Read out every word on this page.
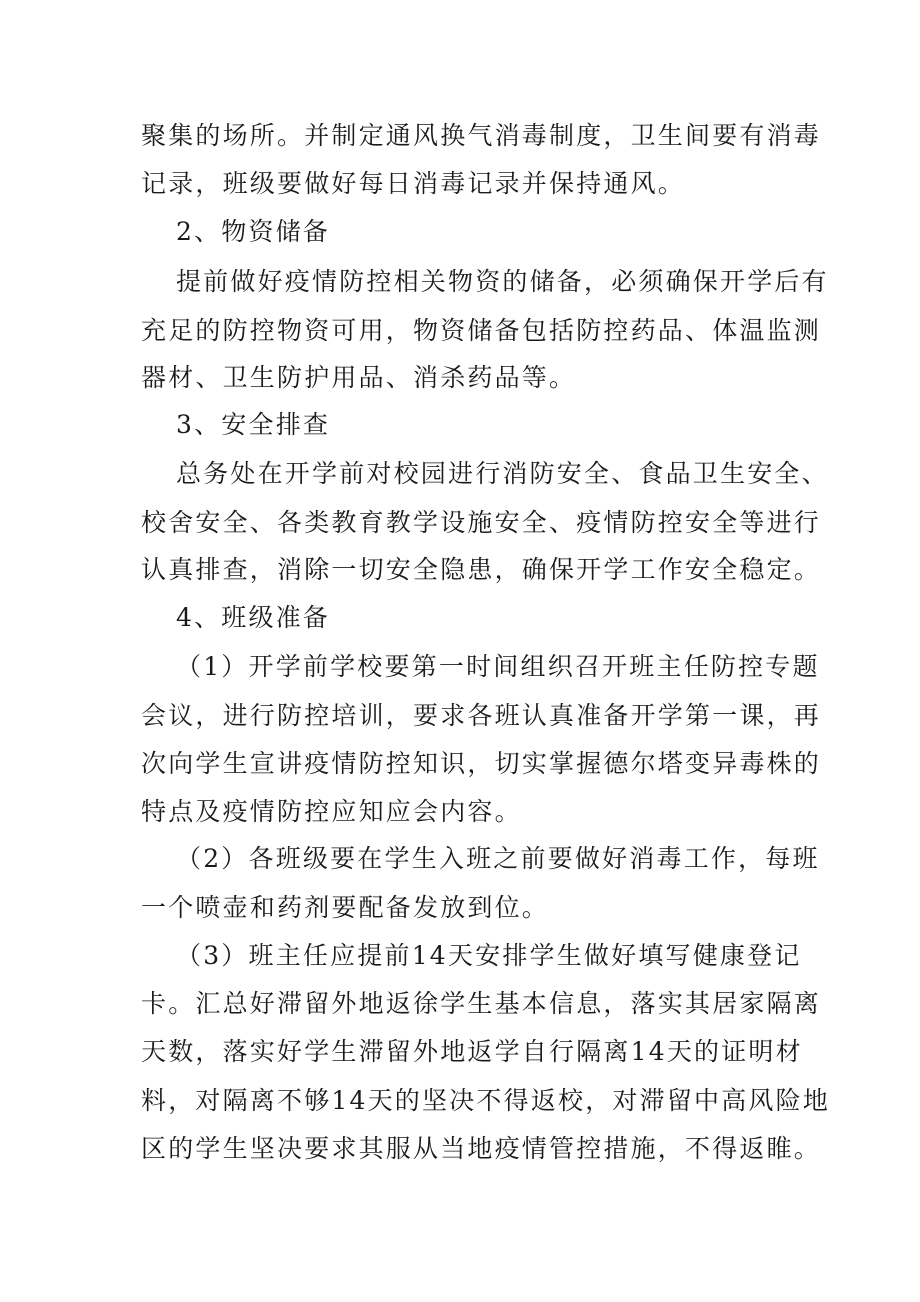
聚集的场所。并制定通风换气消毒制度，卫生间要有消毒
记录，班级要做好每日消毒记录并保持通风。
2、物资储备
提前做好疫情防控相关物资的储备，必须确保开学后有
充足的防控物资可用，物资储备包括防控药品、体温监测
器材、卫生防护用品、消杀药品等。
3、安全排查
总务处在开学前对校园进行消防安全、食品卫生安全、
校舍安全、各类教育教学设施安全、疫情防控安全等进行
认真排查，消除一切安全隐患，确保开学工作安全稳定。
4、班级准备
（1）开学前学校要第一时间组织召开班主任防控专题
会议，进行防控培训，要求各班认真准备开学第一课，再
次向学生宣讲疫情防控知识，切实掌握德尔塔变异毒株的
特点及疫情防控应知应会内容。
（2）各班级要在学生入班之前要做好消毒工作，每班
一个喷壶和药剂要配备发放到位。
（3）班主任应提前14天安排学生做好填写健康登记
卡。汇总好滞留外地返徐学生基本信息，落实其居家隔离
天数，落实好学生滞留外地返学自行隔离14天的证明材
料，对隔离不够14天的坚决不得返校，对滞留中高风险地
区的学生坚决要求其服从当地疫情管控措施，不得返睢。
